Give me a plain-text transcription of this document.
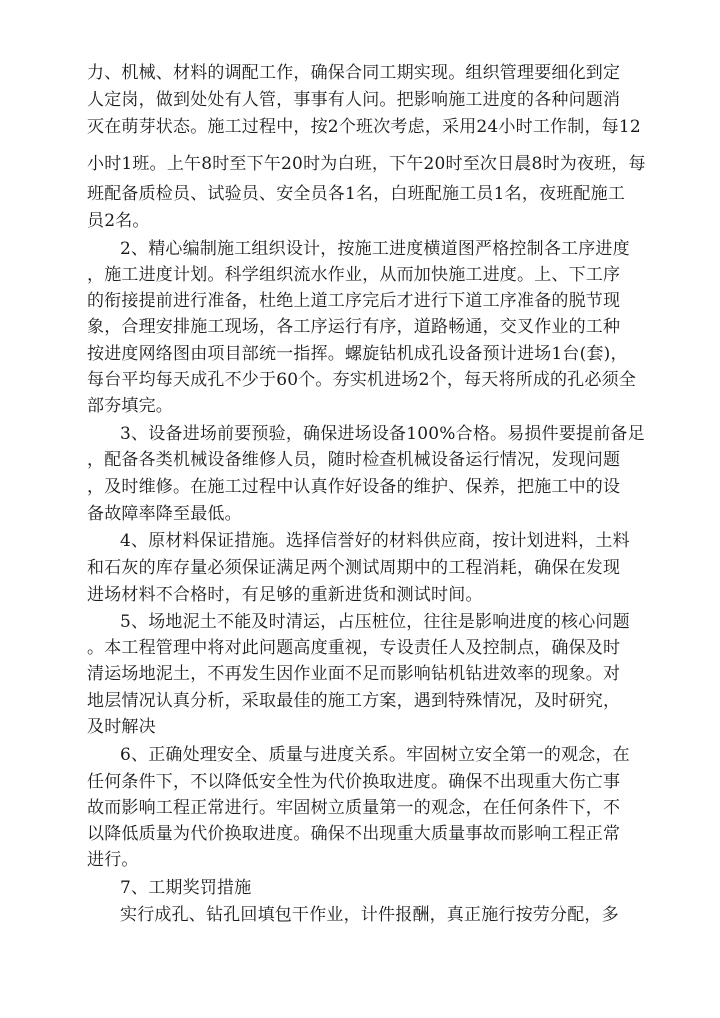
力、机械、材料的调配工作，确保合同工期实现。组织管理要细化到定
人定岗，做到处处有人管，事事有人问。把影响施工进度的各种问题消
灭在萌芽状态。施工过程中，按2个班次考虑，采用24小时工作制，每12
小时1班。上午8时至下午20时为白班，下午20时至次日晨8时为夜班，每
班配备质检员、试验员、安全员各1名，白班配施工员1名，夜班配施工
员2名。
2、精心编制施工组织设计，按施工进度横道图严格控制各工序进度
，施工进度计划。科学组织流水作业，从而加快施工进度。上、下工序
的衔接提前进行准备，杜绝上道工序完后才进行下道工序准备的脱节现
象，合理安排施工现场，各工序运行有序，道路畅通，交叉作业的工种
按进度网络图由项目部统一指挥。螺旋钻机成孔设备预计进场1台(套)，
每台平均每天成孔不少于60个。夯实机进场2个，每天将所成的孔必须全
部夯填完。
3、设备进场前要预验，确保进场设备100%合格。易损件要提前备足
，配备各类机械设备维修人员，随时检查机械设备运行情况，发现问题
，及时维修。在施工过程中认真作好设备的维护、保养，把施工中的设
备故障率降至最低。
4、原材料保证措施。选择信誉好的材料供应商，按计划进料，土料
和石灰的库存量必须保证满足两个测试周期中的工程消耗，确保在发现
进场材料不合格时，有足够的重新进货和测试时间。
5、场地泥土不能及时清运，占压桩位，往往是影响进度的核心问题
。本工程管理中将对此问题高度重视，专设责任人及控制点，确保及时
清运场地泥土，不再发生因作业面不足而影响钻机钻进效率的现象。对
地层情况认真分析，采取最佳的施工方案，遇到特殊情况，及时研究，
及时解决
6、正确处理安全、质量与进度关系。牢固树立安全第一的观念，在
任何条件下，不以降低安全性为代价换取进度。确保不出现重大伤亡事
故而影响工程正常进行。牢固树立质量第一的观念，在任何条件下，不
以降低质量为代价换取进度。确保不出现重大质量事故而影响工程正常
进行。
7、工期奖罚措施
实行成孔、钻孔回填包干作业，计件报酬，真正施行按劳分配，多
